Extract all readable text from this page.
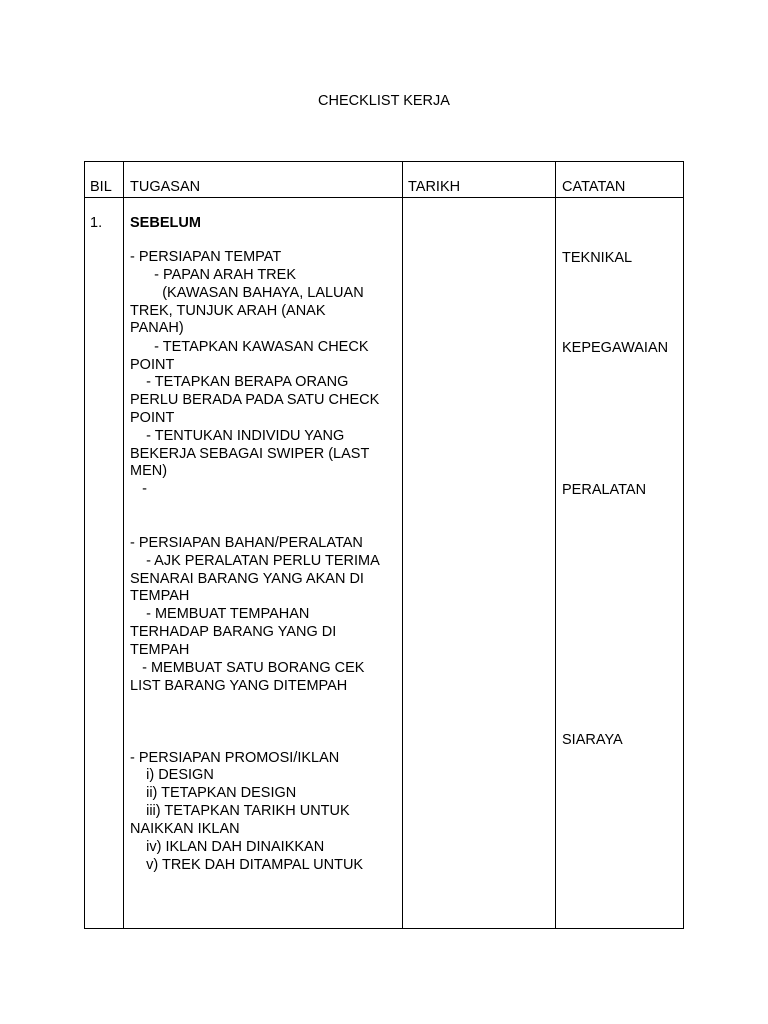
CHECKLIST KERJA
BIL TUGASAN	TARIKH	CATATAN
1. SEBELUM
- PERSIAPAN TEMPAT
- PAPAN ARAH TREK
(KAWASAN BAHAYA, LALUAN
TREK, TUNJUK ARAH (ANAK
PANAH)
- TETAPKAN KAWASAN CHECK
POINT
- TETAPKAN BERAPA ORANG
PERLU BERADA PADA SATU CHECK
POINT
- TENTUKAN INDIVIDU YANG
BEKERJA SEBAGAI SWIPER (LAST
MEN)
-
- PERSIAPAN BAHAN/PERALATAN
- AJK PERALATAN PERLU TERIMA
SENARAI BARANG YANG AKAN DI
TEMPAH
- MEMBUAT TEMPAHAN
TERHADAP BARANG YANG DI
TEMPAH
- MEMBUAT SATU BORANG CEK
LIST BARANG YANG DITEMPAH
- PERSIAPAN PROMOSI/IKLAN
i) DESIGN
ii) TETAPKAN DESIGN
iii) TETAPKAN TARIKH UNTUK
NAIKKAN IKLAN
iv) IKLAN DAH DINAIKKAN
v) TREK DAH DITAMPAL UNTUK
TEKNIKAL
KEPEGAWAIAN
PERALATAN
SIARAYA
